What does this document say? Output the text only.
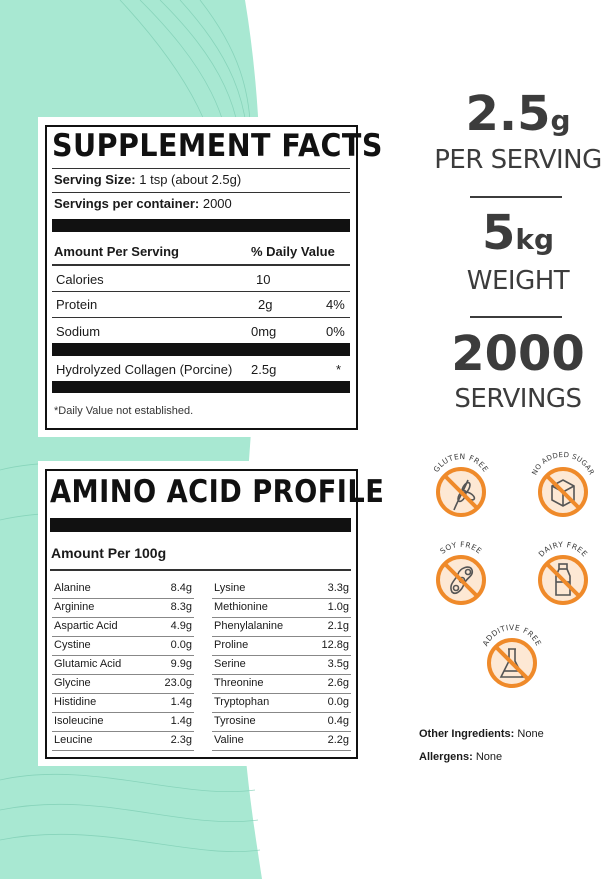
SUPPLEMENT FACTS
Serving Size: 1 tsp (about 2.5g)
Servings per container: 2000
Amount Per Serving	% Daily Value
Calories	10
Protein	2g	4%
Sodium	0mg	0%
Hydrolyzed Collagen (Porcine) 2.5g	*
*Daily Value not established.
AMINO ACID PROFILE
Amount Per 100g
Alanine	8.4g
Arginine	8.3g
Aspartic Acid	4.9g
Cystine	0.0g
Glutamic Acid	9.9g
Glycine	23.0g
Histidine	1.4g
Isoleucine	1.4g
Leucine	2.3g
Lysine	3.3g
Methionine	1.0g
Phenylalanine	2.1g
Proline	12.8g
Serine	3.5g
Threonine	2.6g
Tryptophan	0.0g
Tyrosine	0.4g
Valine	2.2g
2.5g
PER SERVING
5kg
WEIGHT
2000
SERVINGS
GLUTEN FREE	NO ADDED SUGAR
SOY FREE	DAIRY FREE
ADDITIVE FREE
Other Ingredients: None
Allergens: None
